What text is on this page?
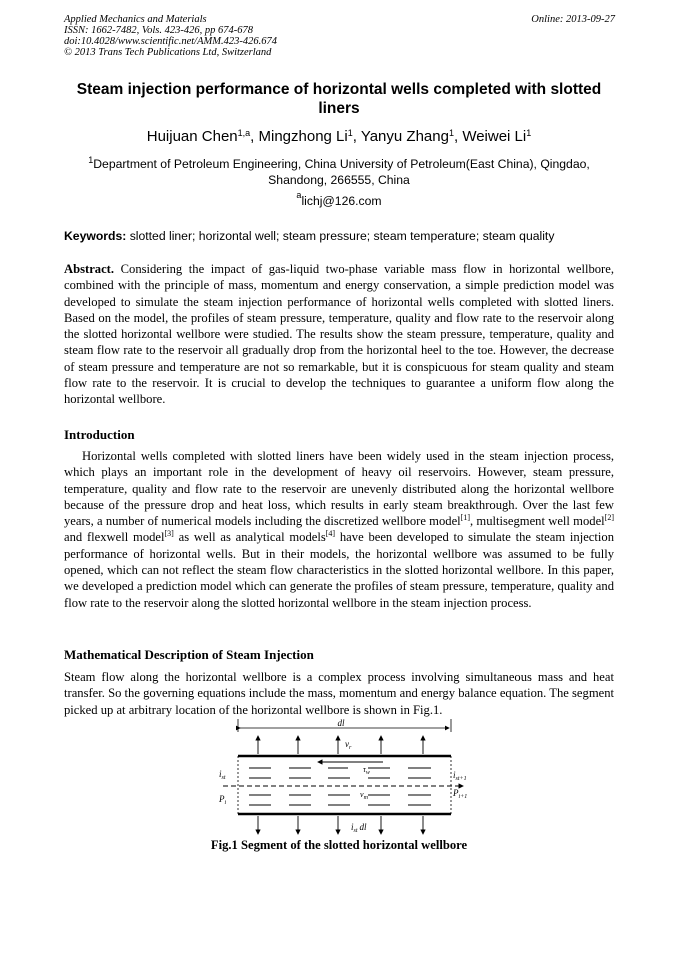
Applied Mechanics and Materials
ISSN: 1662-7482, Vols. 423-426, pp 674-678
doi:10.4028/www.scientific.net/AMM.423-426.674
© 2013 Trans Tech Publications Ltd, Switzerland
Online: 2013-09-27
Steam injection performance of horizontal wells completed with slotted liners
Huijuan Chen$^{1,a}$, Mingzhong Li$^1$, Yanyu Zhang$^1$, Weiwei Li$^1$
$^1$Department of Petroleum Engineering, China University of Petroleum(East China), Qingdao, Shandong, 266555, China
$^a$lichj@126.com
Keywords: slotted liner; horizontal well; steam pressure; steam temperature; steam quality
Abstract. Considering the impact of gas-liquid two-phase variable mass flow in horizontal wellbore, combined with the principle of mass, momentum and energy conservation, a simple prediction model was developed to simulate the steam injection performance of horizontal wells completed with slotted liners. Based on the model, the profiles of steam pressure, temperature, quality and flow rate to the reservoir along the slotted horizontal wellbore were studied. The results show the steam pressure, temperature, quality and steam flow rate to the reservoir all gradually drop from the horizontal heel to the toe. However, the decrease of steam pressure and temperature are not so remarkable, but it is conspicuous for steam quality and steam flow rate to the reservoir. It is crucial to develop the techniques to guarantee a uniform flow along the horizontal wellbore.
Introduction
Horizontal wells completed with slotted liners have been widely used in the steam injection process, which plays an important role in the development of heavy oil reservoirs. However, steam pressure, temperature, quality and flow rate to the reservoir are unevenly distributed along the horizontal wellbore because of the pressure drop and heat loss, which results in early steam breakthrough. Over the last few years, a number of numerical models including the discretized wellbore model[1], multisegment well model[2] and flexwell model[3] as well as analytical models[4] have been developed to simulate the steam injection performance of horizontal wells. But in their models, the horizontal wellbore was assumed to be fully opened, which can not reflect the steam flow characteristics in the slotted horizontal wellbore. In this paper, we developed a prediction model which can generate the profiles of steam pressure, temperature, quality and flow rate to the reservoir along the slotted horizontal wellbore in the steam injection process.
Mathematical Description of Steam Injection
Steam flow along the horizontal wellbore is a complex process involving simultaneous mass and heat transfer. So the governing equations include the mass, momentum and energy balance equation. The segment picked up at arbitrary location of the horizontal wellbore is shown in Fig.1.
dl
$v_r$
$\tau_w$
$v_m$
$i_{st}$
$P_i$
$i_{st+1}$
$P_{i+1}$
$i_{st}$ dl
Fig.1 Segment of the slotted horizontal wellbore
